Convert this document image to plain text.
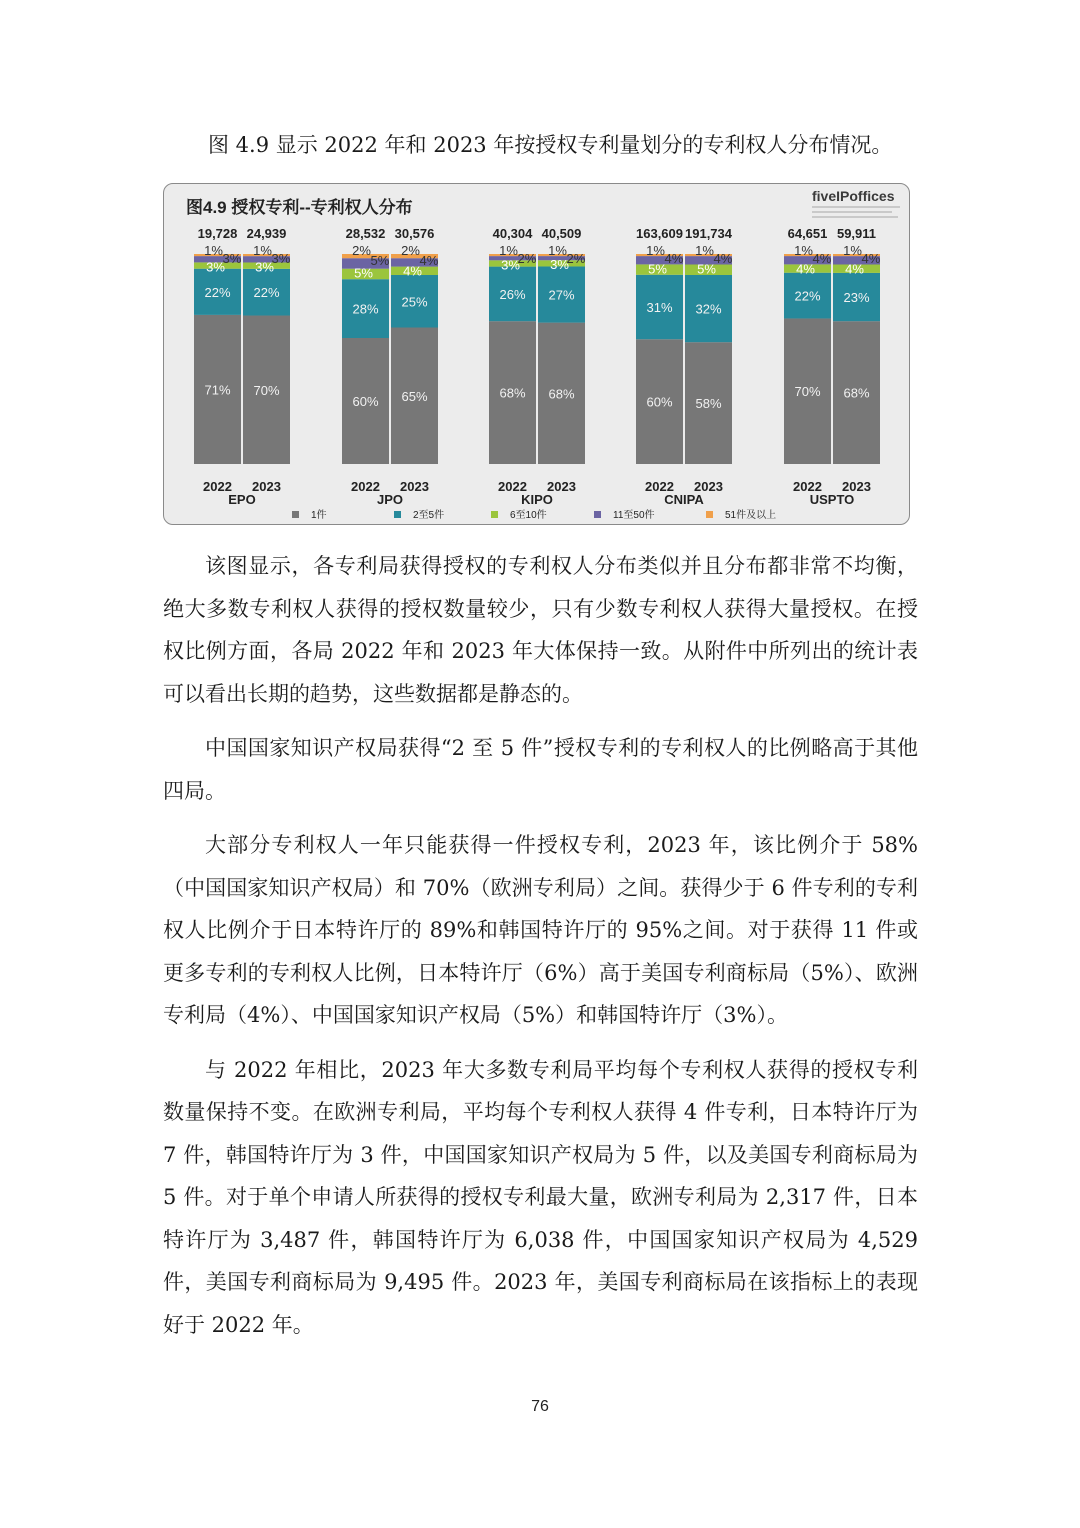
图 4.9 显示 2022 年和 2023 年按授权专利量划分的专利权人分布情况。

图4.9 授权专利--专利权人分布
fiveIPoffices
71%
22%
3%
3%
1%
19,728
2022
70%
22%
3%
3%
1%
24,939
2023
EPO
60%
28%
5%
5%
2%
28,532
2022
65%
25%
4%
4%
2%
30,576
2023
JPO
68%
26%
3%
2%
1%
40,304
2022
68%
27%
3%
2%
1%
40,509
2023
KIPO
60%
31%
5%
4%
1%
163,609
2022
58%
32%
5%
4%
1%
191,734
2023
CNIPA
70%
22%
4%
4%
1%
64,651
2022
68%
23%
4%
4%
1%
59,911
2023
USPTO
1件	2至5件	6至10件	11至50件	51件及以上

该图显示，各专利局获得授权的专利权人分布类似并且分布都非常不均衡，绝大多数专利权人获得的授权数量较少，只有少数专利权人获得大量授权。在授权比例方面，各局 2022 年和 2023 年大体保持一致。从附件中所列出的统计表可以看出长期的趋势，这些数据都是静态的。

中国国家知识产权局获得“2 至 5 件”授权专利的专利权人的比例略高于其他四局。

大部分专利权人一年只能获得一件授权专利，2023 年，该比例介于 58%（中国国家知识产权局）和 70%（欧洲专利局）之间。获得少于 6 件专利的专利权人比例介于日本特许厅的 89%和韩国特许厅的 95%之间。对于获得 11 件或更多专利的专利权人比例，日本特许厅（6%）高于美国专利商标局（5%）、欧洲专利局（4%）、中国国家知识产权局（5%）和韩国特许厅（3%）。

与 2022 年相比，2023 年大多数专利局平均每个专利权人获得的授权专利数量保持不变。在欧洲专利局，平均每个专利权人获得 4 件专利，日本特许厅为 7 件，韩国特许厅为 3 件，中国国家知识产权局为 5 件，以及美国专利商标局为 5 件。对于单个申请人所获得的授权专利最大量，欧洲专利局为 2,317 件，日本特许厅为 3,487 件，韩国特许厅为 6,038 件，中国国家知识产权局为 4,529 件，美国专利商标局为 9,495 件。2023 年，美国专利商标局在该指标上的表现好于 2022 年。

76
